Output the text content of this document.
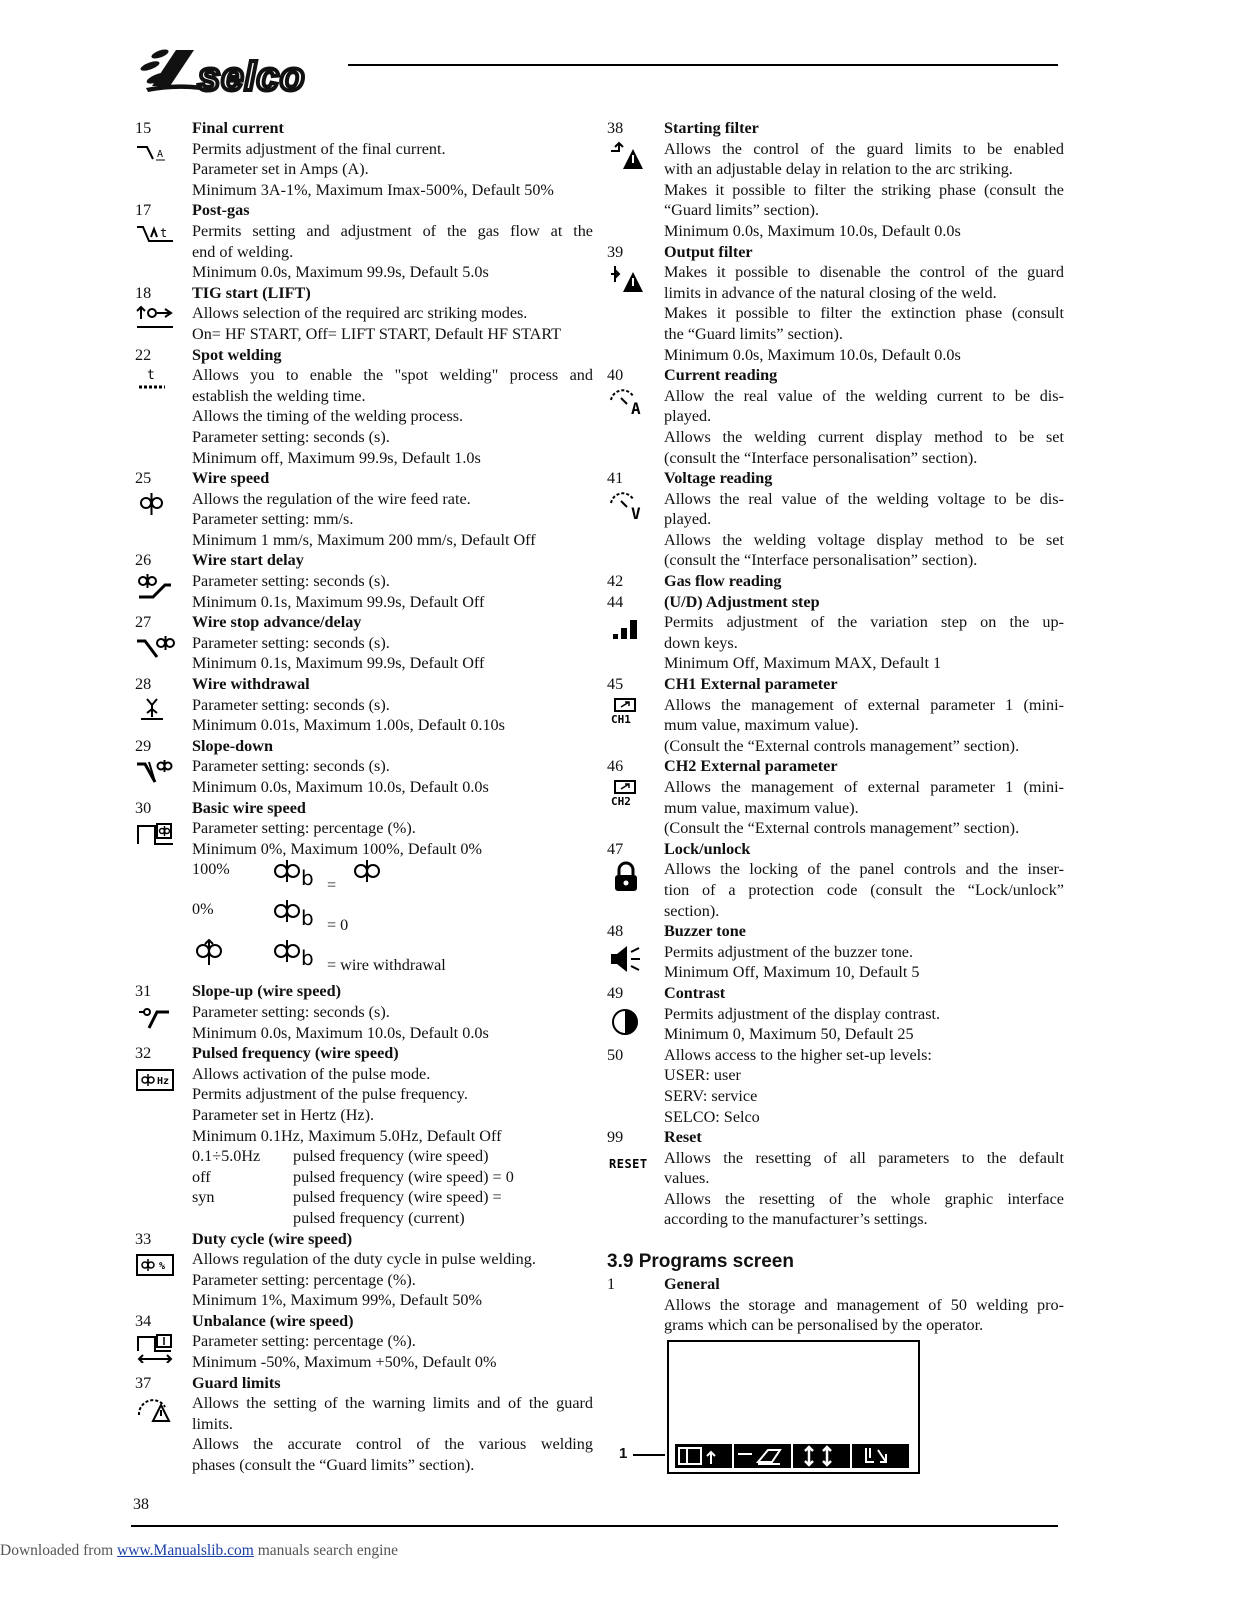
selco
15	Final current
A Permits adjustment of the final current.
Parameter set in Amps (A).
Minimum 3A-1%, Maximum Imax-500%, Default 50%
17	Post-gas
t Permits setting and adjustment of the gas flow at the
end of welding.
Minimum 0.0s, Maximum 99.9s, Default 5.0s
18	TIG start (LIFT)
Allows selection of the required arc striking modes.
On= HF START, Off= LIFT START, Default HF START
22	Spot welding
t Allows you to enable the "spot welding" process and
establish the welding time.
Allows the timing of the welding process.
Parameter setting: seconds (s).
Minimum off, Maximum 99.9s, Default 1.0s
25	Wire speed
Allows the regulation of the wire feed rate.
Parameter setting: mm/s.
Minimum 1 mm/s, Maximum 200 mm/s, Default Off
26	Wire start delay
Parameter setting: seconds (s).
Minimum 0.1s, Maximum 99.9s, Default Off
27	Wire stop advance/delay
Parameter setting: seconds (s).
Minimum 0.1s, Maximum 99.9s, Default Off
28	Wire withdrawal
Parameter setting: seconds (s).
Minimum 0.01s, Maximum 1.00s, Default 0.10s
29	Slope-down
Parameter setting: seconds (s).
Minimum 0.0s, Maximum 10.0s, Default 0.0s
30	Basic wire speed
Parameter setting: percentage (%).
Minimum 0%, Maximum 100%, Default 0%
100%	b =
0%	b = 0
b = wire withdrawal
31	Slope-up (wire speed)
Parameter setting: seconds (s).
Minimum 0.0s, Maximum 10.0s, Default 0.0s
32	Pulsed frequency (wire speed)
Hz Allows activation of the pulse mode.
Permits adjustment of the pulse frequency.
Parameter set in Hertz (Hz).
Minimum 0.1Hz, Maximum 5.0Hz, Default Off
0.1÷5.0Hz	pulsed frequency (wire speed)
off	pulsed frequency (wire speed) = 0
syn	pulsed frequency (wire speed) =
pulsed frequency (current)
33	Duty cycle (wire speed)
% Allows regulation of the duty cycle in pulse welding.
Parameter setting: percentage (%).
Minimum 1%, Maximum 99%, Default 50%
34	Unbalance (wire speed)
Parameter setting: percentage (%).
Minimum -50%, Maximum +50%, Default 0%
37	Guard limits
Allows the setting of the warning limits and of the guard
limits.
Allows the accurate control of the various welding
phases (consult the “Guard limits” section).
38	Starting filter
Allows the control of the guard limits to be enabled
with an adjustable delay in relation to the arc striking.
Makes it possible to filter the striking phase (consult the
“Guard limits” section).
Minimum 0.0s, Maximum 10.0s, Default 0.0s
39	Output filter
Makes it possible to disenable the control of the guard
limits in advance of the natural closing of the weld.
Makes it possible to filter the extinction phase (consult
the “Guard limits” section).
Minimum 0.0s, Maximum 10.0s, Default 0.0s
40	Current reading
A
Allow the real value of the welding current to be dis-
played.
Allows the welding current display method to be set
(consult the “Interface personalisation” section).
41	Voltage reading
V
Allows the real value of the welding voltage to be dis-
played.
Allows the welding voltage display method to be set
(consult the “Interface personalisation” section).
42	Gas flow reading
44	(U/D) Adjustment step
Permits adjustment of the variation step on the up-
down keys.
Minimum Off, Maximum MAX, Default 1
45	CH1 External parameter
CH1
Allows the management of external parameter 1 (mini-
mum value, maximum value).
(Consult the “External controls management” section).
46	CH2 External parameter
CH2
Allows the management of external parameter 1 (mini-
mum value, maximum value).
(Consult the “External controls management” section).
47	Lock/unlock
Allows the locking of the panel controls and the inser-
tion of a protection code (consult the “Lock/unlock”
section).
48	Buzzer tone
Permits adjustment of the buzzer tone.
Minimum Off, Maximum 10, Default 5
49	Contrast
Permits adjustment of the display contrast.
Minimum 0, Maximum 50, Default 25
50	Allows access to the higher set-up levels:
USER: user
SERV: service
SELCO: Selco
99	Reset
RESET Allows the resetting of all parameters to the default
values.
Allows the resetting of the whole graphic interface
according to the manufacturer’s settings.
3.9 Programs screen
1	General
Allows the storage and management of 50 welding pro-
grams which can be personalised by the operator.
1
38
Downloaded from www.Manualslib.com manuals search engine
